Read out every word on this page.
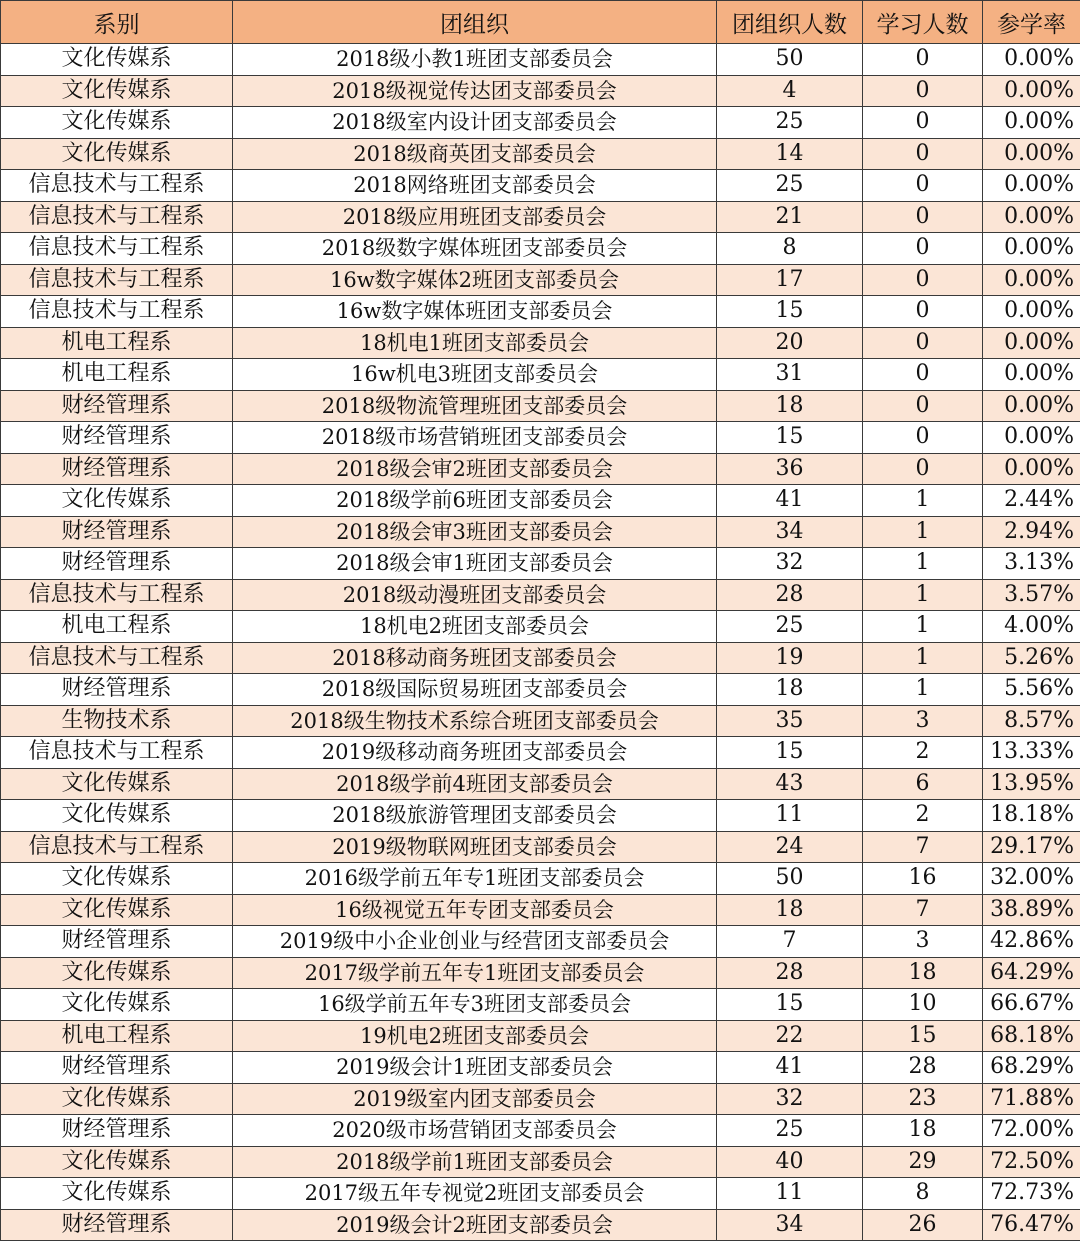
系别	团组织	团组织人数	学习人数	参学率
文化传媒系	2018级小教1班团支部委员会	50	0	0.00%
文化传媒系	2018级视觉传达团支部委员会	4	0	0.00%
文化传媒系	2018级室内设计团支部委员会	25	0	0.00%
文化传媒系	2018级商英团支部委员会	14	0	0.00%
信息技术与工程系	2018网络班团支部委员会	25	0	0.00%
信息技术与工程系	2018级应用班团支部委员会	21	0	0.00%
信息技术与工程系	2018级数字媒体班团支部委员会	8	0	0.00%
信息技术与工程系	16w数字媒体2班团支部委员会	17	0	0.00%
信息技术与工程系	16w数字媒体班团支部委员会	15	0	0.00%
机电工程系	18机电1班团支部委员会	20	0	0.00%
机电工程系	16w机电3班团支部委员会	31	0	0.00%
财经管理系	2018级物流管理班团支部委员会	18	0	0.00%
财经管理系	2018级市场营销班团支部委员会	15	0	0.00%
财经管理系	2018级会审2班团支部委员会	36	0	0.00%
文化传媒系	2018级学前6班团支部委员会	41	1	2.44%
财经管理系	2018级会审3班团支部委员会	34	1	2.94%
财经管理系	2018级会审1班团支部委员会	32	1	3.13%
信息技术与工程系	2018级动漫班团支部委员会	28	1	3.57%
机电工程系	18机电2班团支部委员会	25	1	4.00%
信息技术与工程系	2018移动商务班团支部委员会	19	1	5.26%
财经管理系	2018级国际贸易班团支部委员会	18	1	5.56%
生物技术系	2018级生物技术系综合班团支部委员会	35	3	8.57%
信息技术与工程系	2019级移动商务班团支部委员会	15	2	13.33%
文化传媒系	2018级学前4班团支部委员会	43	6	13.95%
文化传媒系	2018级旅游管理团支部委员会	11	2	18.18%
信息技术与工程系	2019级物联网班团支部委员会	24	7	29.17%
文化传媒系	2016级学前五年专1班团支部委员会	50	16	32.00%
文化传媒系	16级视觉五年专团支部委员会	18	7	38.89%
财经管理系	2019级中小企业创业与经营团支部委员会	7	3	42.86%
文化传媒系	2017级学前五年专1班团支部委员会	28	18	64.29%
文化传媒系	16级学前五年专3班团支部委员会	15	10	66.67%
机电工程系	19机电2班团支部委员会	22	15	68.18%
财经管理系	2019级会计1班团支部委员会	41	28	68.29%
文化传媒系	2019级室内团支部委员会	32	23	71.88%
财经管理系	2020级市场营销团支部委员会	25	18	72.00%
文化传媒系	2018级学前1班团支部委员会	40	29	72.50%
文化传媒系	2017级五年专视觉2班团支部委员会	11	8	72.73%
财经管理系	2019级会计2班团支部委员会	34	26	76.47%
